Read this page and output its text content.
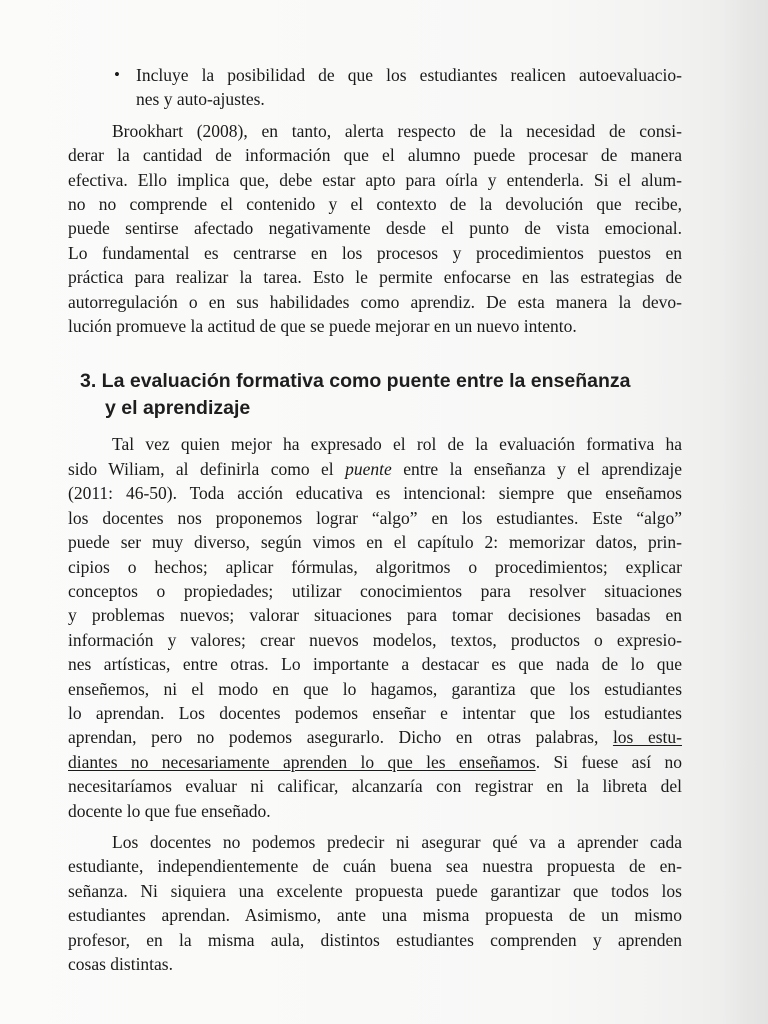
• Incluye la posibilidad de que los estudiantes realicen autoevaluacio-
nes y auto-ajustes.
Brookhart (2008), en tanto, alerta respecto de la necesidad de consi-
derar la cantidad de información que el alumno puede procesar de manera
efectiva. Ello implica que, debe estar apto para oírla y entenderla. Si el alum-
no no comprende el contenido y el contexto de la devolución que recibe,
puede sentirse afectado negativamente desde el punto de vista emocional.
Lo fundamental es centrarse en los procesos y procedimientos puestos en
práctica para realizar la tarea. Esto le permite enfocarse en las estrategias de
autorregulación o en sus habilidades como aprendiz. De esta manera la devo-
lución promueve la actitud de que se puede mejorar en un nuevo intento.
3. La evaluación formativa como puente entre la enseñanza
y el aprendizaje
Tal vez quien mejor ha expresado el rol de la evaluación formativa ha
sido Wiliam, al definirla como el puente entre la enseñanza y el aprendizaje
(2011: 46-50). Toda acción educativa es intencional: siempre que enseñamos
los docentes nos proponemos lograr “algo” en los estudiantes. Este “algo”
puede ser muy diverso, según vimos en el capítulo 2: memorizar datos, prin-
cipios o hechos; aplicar fórmulas, algoritmos o procedimientos; explicar
conceptos o propiedades; utilizar conocimientos para resolver situaciones
y problemas nuevos; valorar situaciones para tomar decisiones basadas en
información y valores; crear nuevos modelos, textos, productos o expresio-
nes artísticas, entre otras. Lo importante a destacar es que nada de lo que
enseñemos, ni el modo en que lo hagamos, garantiza que los estudiantes
lo aprendan. Los docentes podemos enseñar e intentar que los estudiantes
aprendan, pero no podemos asegurarlo. Dicho en otras palabras, los estu-
diantes no necesariamente aprenden lo que les enseñamos. Si fuese así no
necesitaríamos evaluar ni calificar, alcanzaría con registrar en la libreta del
docente lo que fue enseñado.
Los docentes no podemos predecir ni asegurar qué va a aprender cada
estudiante, independientemente de cuán buena sea nuestra propuesta de en-
señanza. Ni siquiera una excelente propuesta puede garantizar que todos los
estudiantes aprendan. Asimismo, ante una misma propuesta de un mismo
profesor, en la misma aula, distintos estudiantes comprenden y aprenden
cosas distintas.
